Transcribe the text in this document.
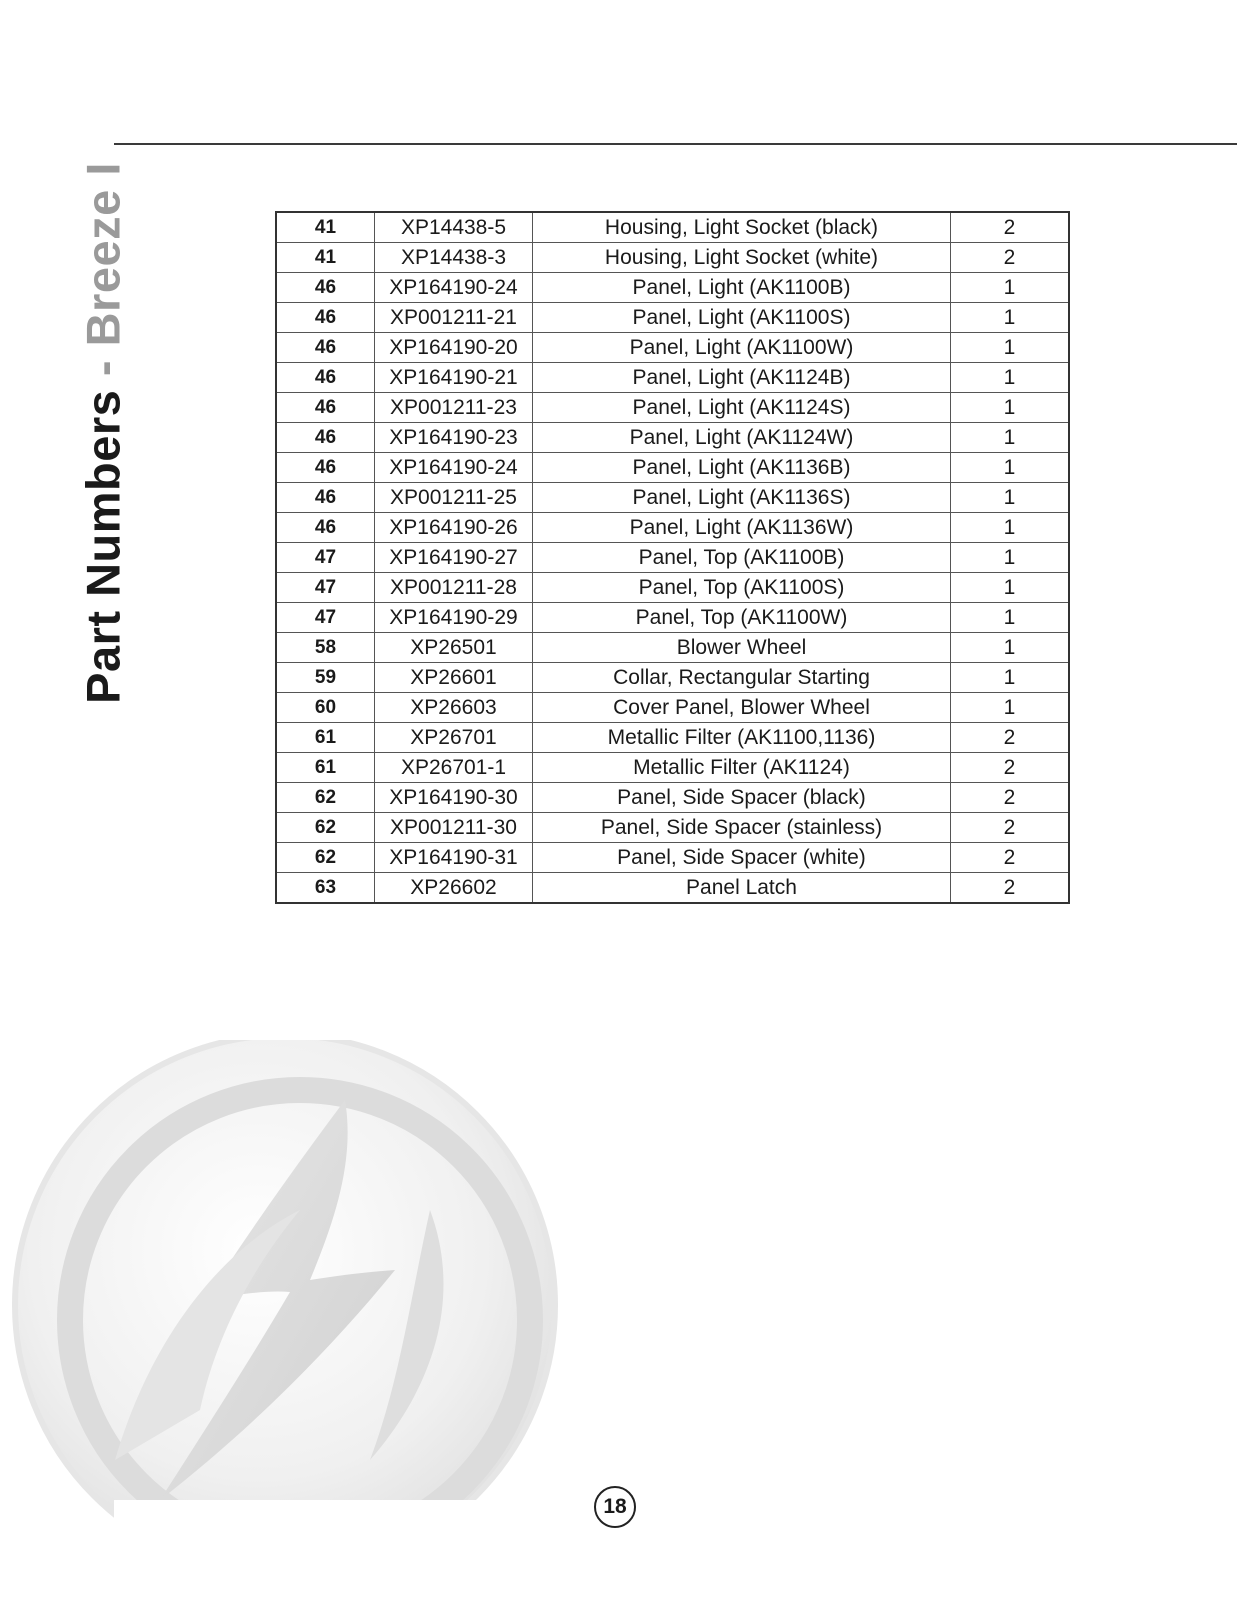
Part Numbers - Breeze I	41	XP14438-5	Housing, Light Socket (black)	2
41	XP14438-3	Housing, Light Socket (white)	2
46	XP164190-24	Panel, Light (AK1100B)	1
46	XP001211-21	Panel, Light (AK1100S)	1
46	XP164190-20	Panel, Light (AK1100W)	1
46	XP164190-21	Panel, Light (AK1124B)	1
46	XP001211-23	Panel, Light (AK1124S)	1
46	XP164190-23	Panel, Light (AK1124W)	1
46	XP164190-24	Panel, Light (AK1136B)	1
46	XP001211-25	Panel, Light (AK1136S)	1
46	XP164190-26	Panel, Light (AK1136W)	1
47	XP164190-27	Panel, Top (AK1100B)	1
47	XP001211-28	Panel, Top (AK1100S)	1
47	XP164190-29	Panel, Top (AK1100W)	1
58	XP26501	Blower Wheel	1
59	XP26601	Collar, Rectangular Starting	1
60	XP26603	Cover Panel, Blower Wheel	1
61	XP26701	Metallic Filter (AK1100,1136)	2
61	XP26701-1	Metallic Filter (AK1124)	2
62	XP164190-30	Panel, Side Spacer (black)	2
62	XP001211-30	Panel, Side Spacer (stainless)	2
62	XP164190-31	Panel, Side Spacer (white)	2
63	XP26602	Panel Latch	2
18
